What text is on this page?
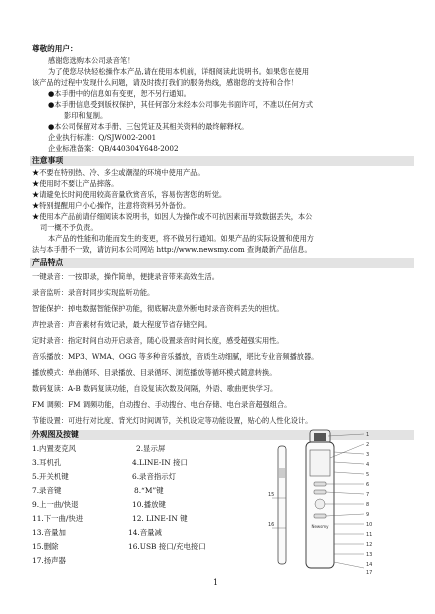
尊敬的用户：
感谢您选购本公司录音笔！
为了使您尽快轻松操作本产品,请在使用本机前，详细阅读此说明书。如果您在使用
该产品的过程中发现什么问题，请及时拨打我们的服务热线，感谢您的支持和合作！
●本手册中的信息如有变更，恕不另行通知。
●本手册信息受到版权保护，其任何部分未经本公司事先书面许可，不准以任何方式
影印和复制。
●本公司保留对本手册、三包凭证及其相关资料的最终解释权。
企业执行标准：Q/SJW002-2001
企业标准备案：QB/440304Y648-2002
注意事项
★不要在特别热、冷、多尘或潮湿的环境中使用产品。
★使用时不要让产品摔落。
★请避免长时间使用较高音量欣赏音乐，容易伤害您的听觉。
★特别提醒用户小心操作，注意将资料另外备份。
★使用本产品前请仔细阅读本说明书，如因人为操作或不可抗因素而导致数据丢失，本公
司一概不予负责。
本产品的性能和功能而发生的变更，将不做另行通知。如果产品的实际设置和使用方
法与本手册不一致，请访问本公司网站 http://www.newsmy.com 查询最新产品信息。
产品特点
一键录音：一按即录，操作简单，便捷录音带来高效生活。
录音监听：录音时同步实现监听功能。
智能保护：掉电数据智能保护功能，彻底解决意外断电时录音资料丢失的担忧。
声控录音：声音素材有效记录，最大程度节省存储空间。
定时录音：指定时间自动开启录音，随心设置录音时间长度，感受超强实用性。
音乐播放：MP3、WMA、OGG 等多种音乐播放，音质生动细腻，堪比专业音频播放器。
播放模式：单曲循环、目录播放、目录循环、浏览播放等循环模式随意转换。
数码复读：A-B 数码复读功能，自设复读次数及间隔，外语、歌曲更快学习。
FM 调频：FM 调频功能，自动搜台、手动搜台、电台存储、电台录音超强组合。
节能设置：可进行对比度、背光灯时间调节，关机设定等功能设置，贴心的人性化设计。
外观图及按键
1.内置麦克风	2.显示屏
3.耳机孔	4.LINE-IN 接口
5.开关机键	6.录音指示灯
7.录音键	8.“M”键
9.上一曲/快退	10.播放键
11.下一曲/快进	12. LINE-IN 键
13.音量加	14.音量减
15.删除	16.USB 接口/充电接口
17.扬声器
Newsmy
1
2
3
4
5
6
7
8
9
10
11
12
13
14
15
16
17
1
